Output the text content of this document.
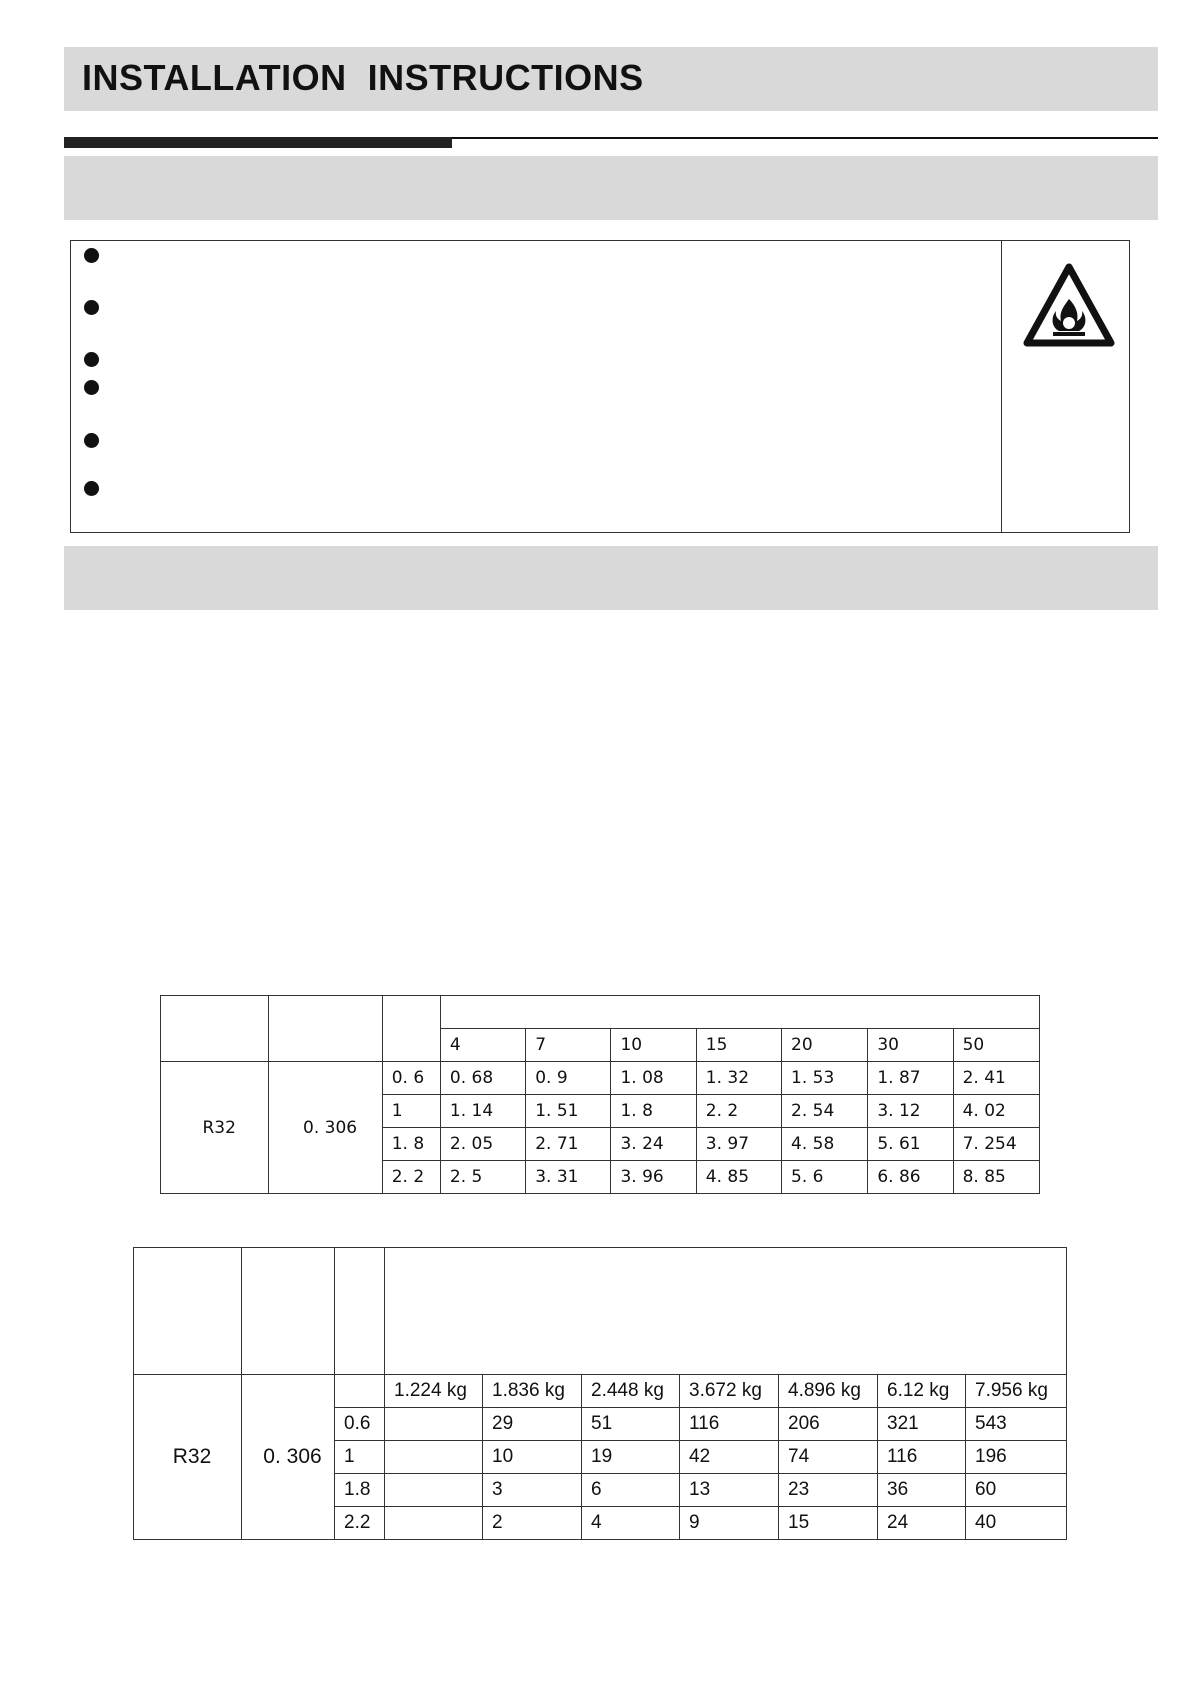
INSTALLATION  INSTRUCTIONS

			4	7	10	15	20	30	50
R32	0. 306	0. 6	0. 68	0. 9	1. 08	1. 32	1. 53	1. 87	2. 41
		1	1. 14	1. 51	1. 8	2. 2	2. 54	3. 12	4. 02
		1. 8	2. 05	2. 71	3. 24	3. 97	4. 58	5. 61	7. 254
		2. 2	2. 5	3. 31	3. 96	4. 85	5. 6	6. 86	8. 85

R32	0. 306		1.224 kg	1.836 kg	2.448 kg	3.672 kg	4.896 kg	6.12 kg	7.956 kg
		0.6		29	51	116	206	321	543
		1		10	19	42	74	116	196
		1.8		3	6	13	23	36	60
		2.2		2	4	9	15	24	40
